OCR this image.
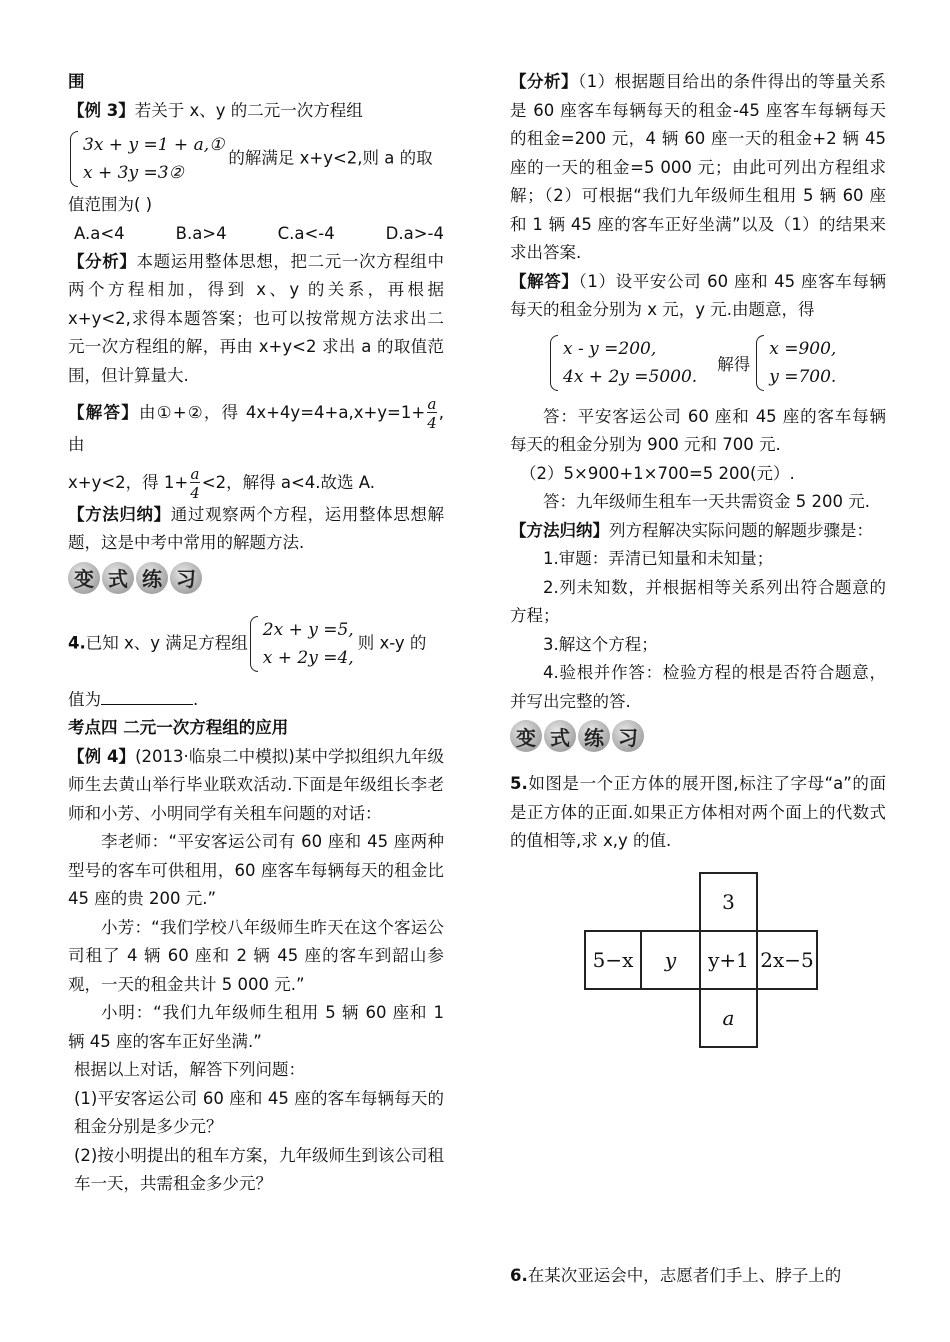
围

【例 3】若关于 x、y 的二元一次方程组

3x + y =1 + a,①
x + 3y =3②
的解满足 x+y<2,则 a 的取

值范围为( )

A.a<4	B.a>4	C.a<-4	D.a>-4

【分析】本题运用整体思想，把二元一次方程组中两个方程相加，得到 x、y 的关系，再根据 x+y<2,求得本题答案；也可以按常规方法求出二元一次方程组的解，再由 x+y<2 求出 a 的取值范围，但计算量大.

【解答】由①+②，得 $4x+4y=4+a,x+y=1+ \frac{a}{4}$ ,由

x+y<2，得 $1+ \frac{a}{4} <2$，解得 a<4.故选 A.

【方法归纳】通过观察两个方程，运用整体思想解题，这是中考中常用的解题方法.

变 式 练 习

4.已知 x、y 满足方程组
2x + y =5,
x + 2y =4,
则 x-y 的

值为	.

考点四 二元一次方程组的应用

【例 4】(2013·临泉二中模拟)某中学拟组织九年级师生去黄山举行毕业联欢活动.下面是年级组长李老师和小芳、小明同学有关租车问题的对话：

李老师：“平安客运公司有 60 座和 45 座两种型号的客车可供租用，60 座客车每辆每天的租金比 45 座的贵 200 元.”

小芳：“我们学校八年级师生昨天在这个客运公司租了 4 辆 60 座和 2 辆 45 座的客车到韶山参观，一天的租金共计 5 000 元.”

小明：“我们九年级师生租用 5 辆 60 座和 1 辆 45 座的客车正好坐满.”

根据以上对话，解答下列问题：

(1)平安客运公司 60 座和 45 座的客车每辆每天的租金分别是多少元？

(2)按小明提出的租车方案，九年级师生到该公司租车一天，共需租金多少元？

【分析】（1）根据题目给出的条件得出的等量关系是 60 座客车每辆每天的租金-45 座客车每辆每天的租金=200 元，4 辆 60 座一天的租金+2 辆 45 座的一天的租金=5 000 元；由此可列出方程组求解；（2）可根据“我们九年级师生租用 5 辆 60 座和 1 辆 45 座的客车正好坐满”以及（1）的结果来求出答案.

【解答】（1）设平安公司 60 座和 45 座客车每辆每天的租金分别为 x 元，y 元.由题意，得

x - y =200,
4x + 2y =5000.
解得
x =900,
y =700.

答：平安客运公司 60 座和 45 座的客车每辆每天的租金分别为 900 元和 700 元.

（2）5×900+1×700=5 200(元）.

答：九年级师生租车一天共需资金 5 200 元.

【方法归纳】列方程解决实际问题的解题步骤是：

1.审题：弄清已知量和未知量；

2.列未知数，并根据相等关系列出符合题意的方程；

3.解这个方程；

4.验根并作答：检验方程的根是否符合题意，并写出完整的答.

变 式 练 习

5.如图是一个正方体的展开图,标注了字母“a”的面是正方体的正面.如果正方体相对两个面上的代数式的值相等,求 x,y 的值.

3
5−x	y	y+1 2x−5
a

6.在某次亚运会中，志愿者们手上、脖子上的
